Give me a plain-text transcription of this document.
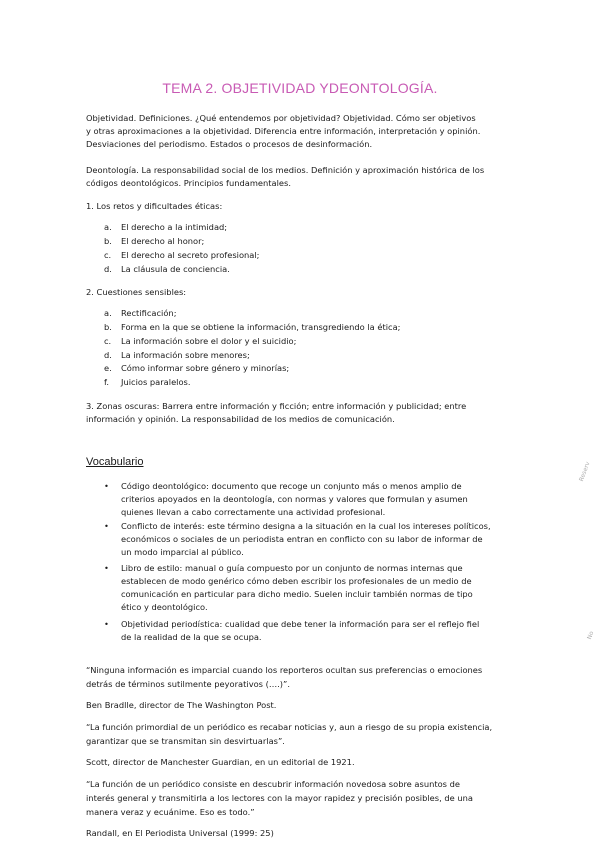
TEMA 2. OBJETIVIDAD YDEONTOLOGÍA.
Objetividad. Definiciones. ¿Qué entendemos por objetividad? Objetividad. Cómo ser objetivos
y otras aproximaciones a la objetividad. Diferencia entre información, interpretación y opinión.
Desviaciones del periodismo. Estados o procesos de desinformación.
Deontología. La responsabilidad social de los medios. Definición y aproximación histórica de los
códigos deontológicos. Principios fundamentales.
1. Los retos y dificultades éticas:
a. El derecho a la intimidad;
b. El derecho al honor;
c. El derecho al secreto profesional;
d. La cláusula de conciencia.
2. Cuestiones sensibles:
a. Rectificación;
b. Forma en la que se obtiene la información, transgrediendo la ética;
c. La información sobre el dolor y el suicidio;
d. La información sobre menores;
e. Cómo informar sobre género y minorías;
f. Juicios paralelos.
3. Zonas oscuras: Barrera entre información y ficción; entre información y publicidad; entre
información y opinión. La responsabilidad de los medios de comunicación.
Vocabulario
• Código deontológico: documento que recoge un conjunto más o menos amplio de
criterios apoyados en la deontología, con normas y valores que formulan y asumen
quienes llevan a cabo correctamente una actividad profesional.
• Conflicto de interés: este término designa a la situación en la cual los intereses políticos,
económicos o sociales de un periodista entran en conflicto con su labor de informar de
un modo imparcial al público.
• Libro de estilo: manual o guía compuesto por un conjunto de normas internas que
establecen de modo genérico cómo deben escribir los profesionales de un medio de
comunicación en particular para dicho medio. Suelen incluir también normas de tipo
ético y deontológico.
• Objetividad periodística: cualidad que debe tener la información para ser el reflejo fiel
de la realidad de la que se ocupa.
“Ninguna información es imparcial cuando los reporteros ocultan sus preferencias o emociones
detrás de términos sutilmente peyorativos (….)”.
Ben Bradlle, director de The Washington Post.
“La función primordial de un periódico es recabar noticias y, aun a riesgo de su propia existencia,
garantizar que se transmitan sin desvirtuarlas”.
Scott, director de Manchester Guardian, en un editorial de 1921.
“La función de un periódico consiste en descubrir información novedosa sobre asuntos de
interés general y transmitirla a los lectores con la mayor rapidez y precisión posibles, de una
manera veraz y ecuánime. Eso es todo.”
Randall, en El Periodista Universal (1999: 25)
Reserv
No
